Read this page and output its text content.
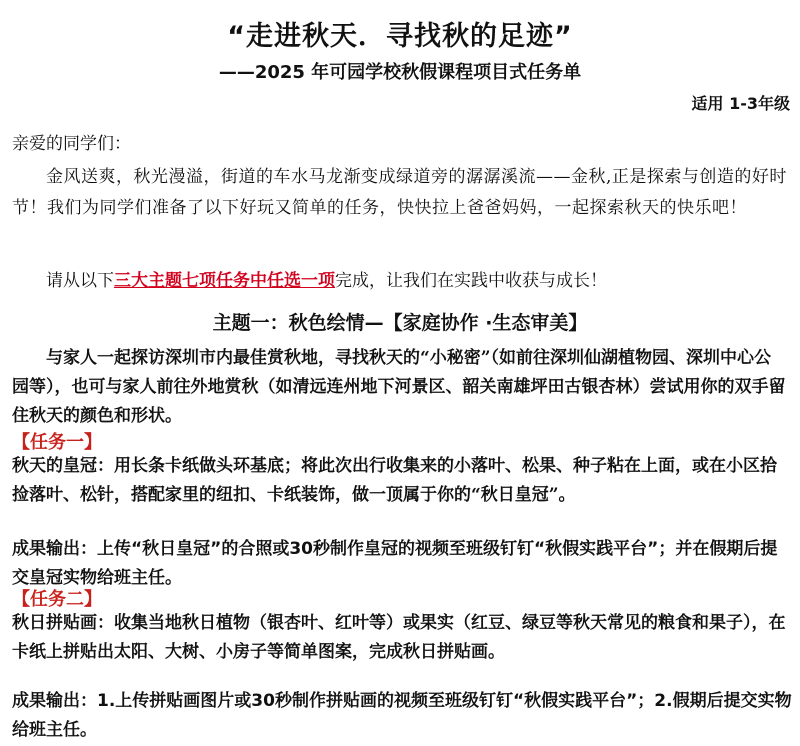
“走进秋天．寻找秋的足迹”
——2025 年可园学校秋假课程项目式任务单
适用 1-3年级

亲爱的同学们：

金风送爽，秋光漫溢，街道的车水马龙渐变成绿道旁的潺潺溪流——金秋,正是探索与创造的好时节！我们为同学们准备了以下好玩又简单的任务，快快拉上爸爸妈妈，一起探索秋天的快乐吧！

请从以下三大主题七项任务中任选一项完成，让我们在实践中收获与成长！

主题一：秋色绘情—【家庭协作 ·生态审美】

与家人一起探访深圳市内最佳赏秋地，寻找秋天的“小秘密”（如前往深圳仙湖植物园、深圳中心公园等），也可与家人前往外地赏秋（如清远连州地下河景区、韶关南雄坪田古银杏林）尝试用你的双手留住秋天的颜色和形状。

【任务一】

秋天的皇冠：用长条卡纸做头环基底；将此次出行收集来的小落叶、松果、种子粘在上面，或在小区拾捡落叶、松针，搭配家里的纽扣、卡纸装饰，做一顶属于你的“秋日皇冠”。

成果输出：上传“秋日皇冠”的合照或30秒制作皇冠的视频至班级钉钉“秋假实践平台”；并在假期后提交皇冠实物给班主任。

【任务二】

秋日拼贴画：收集当地秋日植物（银杏叶、红叶等）或果实（红豆、绿豆等秋天常见的粮食和果子），在卡纸上拼贴出太阳、大树、小房子等简单图案，完成秋日拼贴画。

成果输出：1.上传拼贴画图片或30秒制作拼贴画的视频至班级钉钉“秋假实践平台”；2.假期后提交实物给班主任。
